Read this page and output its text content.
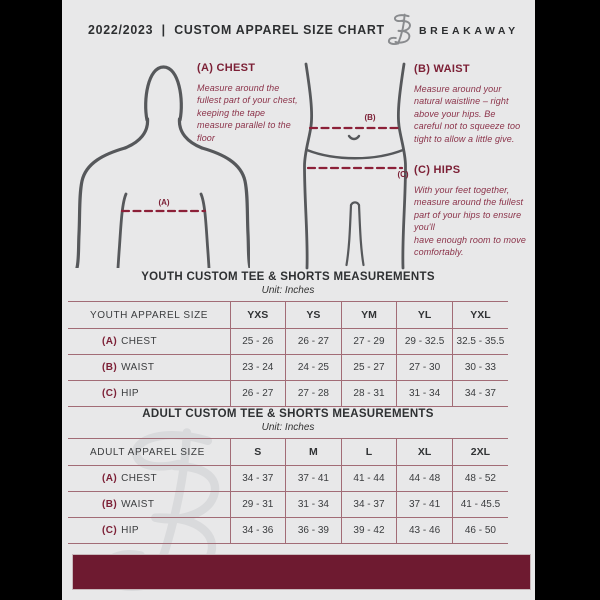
2022/2023  |  CUSTOM APPAREL SIZE CHART	BREAKAWAY
(A)
(B)
(C)
(A) CHEST
Measure around the fullest part of your chest, keeping the tape measure parallel to the floor
(B) WAIST
Measure around your natural waistline – right above your hips. Be careful not to squeeze too tight to allow a little give.
(C) HIPS
With your feet together, measure around the fullest part of your hips to ensure you'll
have enough room to move comfortably.
YOUTH CUSTOM TEE & SHORTS MEASUREMENTS
Unit: Inches
YOUTH APPAREL SIZE	YXS	YS	YM	YL	YXL
(A) CHEST	25 - 26	26 - 27	27 - 29	29 - 32.5	32.5 - 35.5
(B) WAIST	23 - 24	24 - 25	25 - 27	27 - 30	30 - 33
(C) HIP	26 - 27	27 - 28	28 - 31	31 - 34	34 - 37
ADULT CUSTOM TEE & SHORTS MEASUREMENTS
Unit: Inches
ADULT APPAREL SIZE	S	M	L	XL	2XL
(A) CHEST	34 - 37	37 - 41	41 - 44	44 - 48	48 - 52
(B) WAIST	29 - 31	31 - 34	34 - 37	37 - 41	41 - 45.5
(C) HIP	34 - 36	36 - 39	39 - 42	43 - 46	46 - 50
